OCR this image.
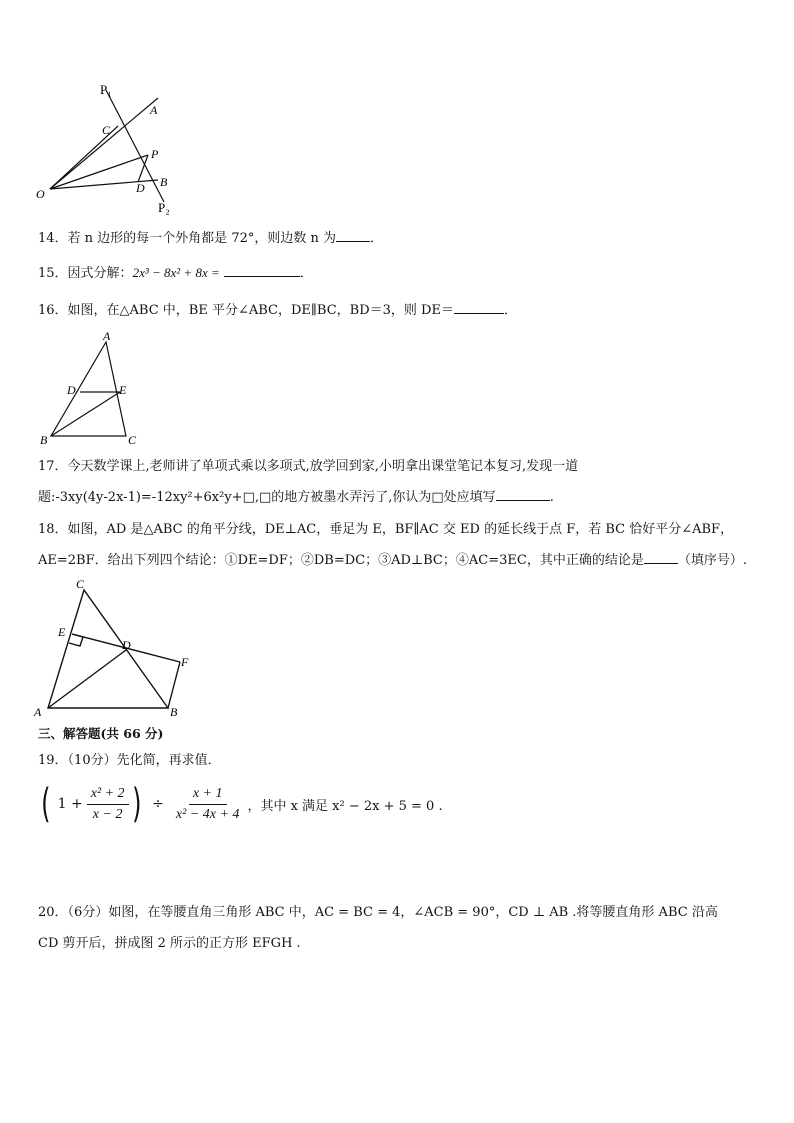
P₁
A
C
P
O	D B
P₂
14．若 n 边形的每一个外角都是 72°，则边数 n 为	．
15．因式分解：2x³ − 8x² + 8x =	．
16．如图，在△ABC 中，BE 平分∠ABC，DE∥BC，BD＝3，则 DE＝	．
A
D	E
B	C
17．今天数学课上,老师讲了单项式乘以多项式,放学回到家,小明拿出课堂笔记本复习,发现一道
题:-3xy(4y-2x-1)=-12xy²+6x²y+□,□的地方被墨水弄污了,你认为□处应填写	.
18．如图，AD 是△ABC 的角平分线，DE⊥AC，垂足为 E，BF∥AC 交 ED 的延长线于点 F，若 BC 恰好平分∠ABF，
AE=2BF．给出下列四个结论：①DE=DF；②DB=DC；③AD⊥BC；④AC=3EC，其中正确的结论是	（填序号）.
C
E
D
F
A	B
三、解答题(共 66 分)
19．（10分）先化简，再求值．
( $1 + \frac{\text{x² + 2}}{x - 2}$ ) ÷ $\frac{x + 1}{\text{x² − 4x + 4}}$ ，其中 x 满足 x² − 2x + 5 = 0 .
20．（6分）如图，在等腰直角三角形 ABC 中，AC = BC = 4，∠ACB = 90°，CD ⊥ AB .将等腰直角形 ABC 沿高
CD 剪开后，拼成图 2 所示的正方形 EFGH .
